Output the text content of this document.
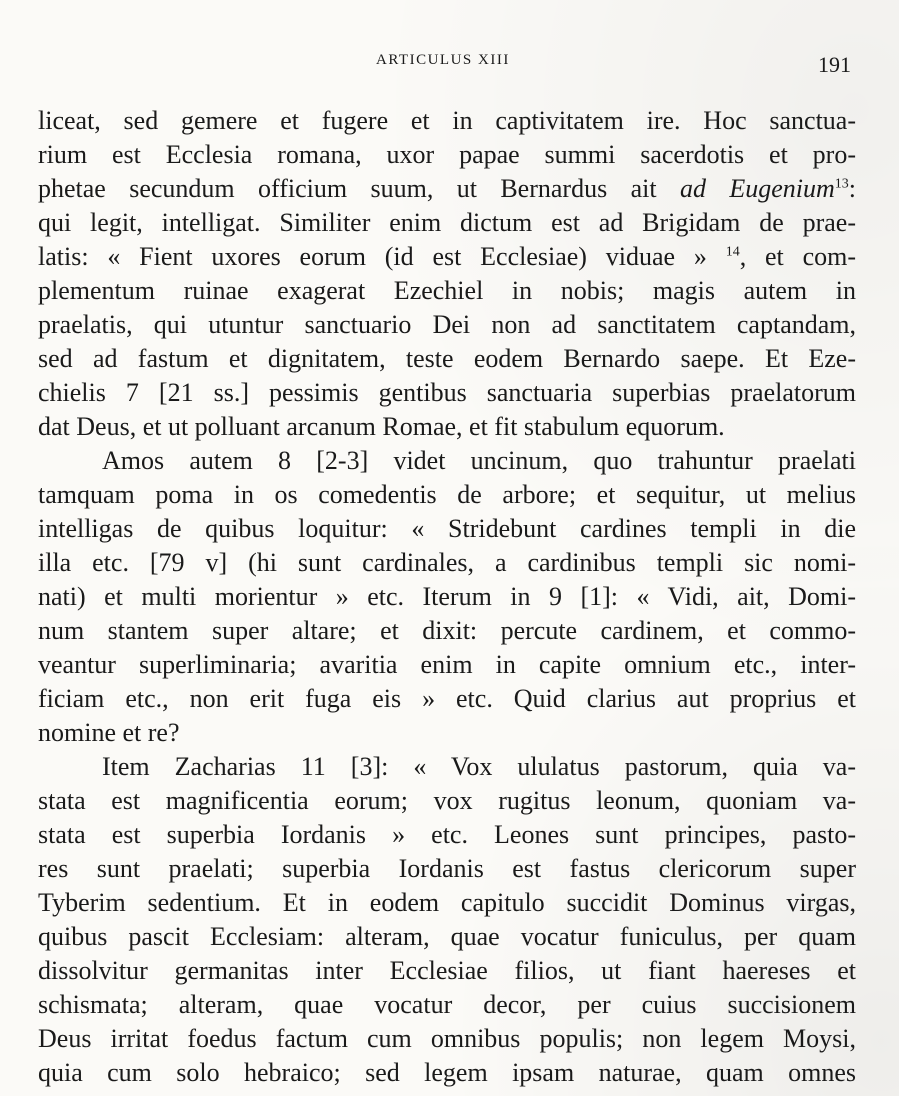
ARTICULUS XIII	191
liceat, sed gemere et fugere et in captivitatem ire. Hoc sanctua-
rium est Ecclesia romana, uxor papae summi sacerdotis et pro-
phetae secundum officium suum, ut Bernardus ait ad Eugenium$^{13}$:
qui legit, intelligat. Similiter enim dictum est ad Brigidam de prae-
latis: « Fient uxores eorum (id est Ecclesiae) viduae » $^{14}$, et com-
plementum ruinae exagerat Ezechiel in nobis; magis autem in
praelatis, qui utuntur sanctuario Dei non ad sanctitatem captandam,
sed ad fastum et dignitatem, teste eodem Bernardo saepe. Et Eze-
chielis 7 [21 ss.] pessimis gentibus sanctuaria superbias praelatorum
dat Deus, et ut polluant arcanum Romae, et fit stabulum equorum.
Amos autem 8 [2-3] videt uncinum, quo trahuntur praelati
tamquam poma in os comedentis de arbore; et sequitur, ut melius
intelligas de quibus loquitur: « Stridebunt cardines templi in die
illa etc. [79 v] (hi sunt cardinales, a cardinibus templi sic nomi-
nati) et multi morientur » etc. Iterum in 9 [1]: « Vidi, ait, Domi-
num stantem super altare; et dixit: percute cardinem, et commo-
veantur superliminaria; avaritia enim in capite omnium etc., inter-
ficiam etc., non erit fuga eis » etc. Quid clarius aut proprius et
nomine et re?
Item Zacharias 11 [3]: « Vox ululatus pastorum, quia va-
stata est magnificentia eorum; vox rugitus leonum, quoniam va-
stata est superbia Iordanis » etc. Leones sunt principes, pasto-
res sunt praelati; superbia Iordanis est fastus clericorum super
Tyberim sedentium. Et in eodem capitulo succidit Dominus virgas,
quibus pascit Ecclesiam: alteram, quae vocatur funiculus, per quam
dissolvitur germanitas inter Ecclesiae filios, ut fiant haereses et
schismata; alteram, quae vocatur decor, per cuius succisionem
Deus irritat foedus factum cum omnibus populis; non legem Moysi,
quia cum solo hebraico; sed legem ipsam naturae, quam omnes
